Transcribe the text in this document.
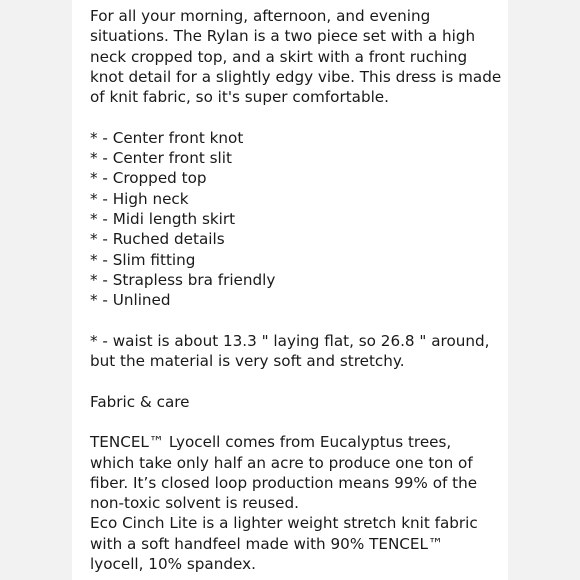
For all your morning, afternoon, and evening
situations. The Rylan is a two piece set with a high
neck cropped top, and a skirt with a front ruching
knot detail for a slightly edgy vibe. This dress is made
of knit fabric, so it's super comfortable.

* - Center front knot
* - Center front slit
* - Cropped top
* - High neck
* - Midi length skirt
* - Ruched details
* - Slim fitting
* - Strapless bra friendly
* - Unlined

* - waist is about 13.3 " laying flat, so 26.8 " around,
but the material is very soft and stretchy.

Fabric & care

TENCEL™ Lyocell comes from Eucalyptus trees,
which take only half an acre to produce one ton of
fiber. It’s closed loop production means 99% of the
non-toxic solvent is reused.
Eco Cinch Lite is a lighter weight stretch knit fabric
with a soft handfeel made with 90% TENCEL™
lyocell, 10% spandex.
